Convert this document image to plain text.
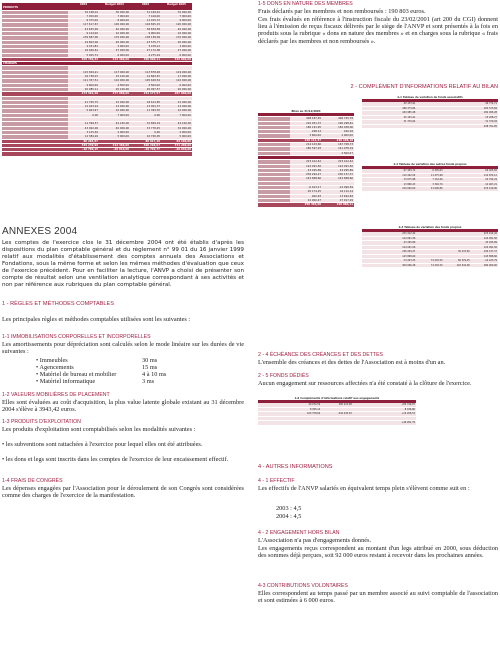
	2004	Budget 2004	2003	Budget 2005
PRODUITS				
	32 168,01	30 000,00	31 169,91	32 000,00
	7 450,00	7 000,00	7 416,00	7 000,00
	9 375,00	8 460,00	11 015,72	9 000,00
	117 617,67	100 000,00	104 825,15	120 000,00
	43 635,99	40 000,00	38 659,58	40 000,00
	9 144,00	10 000,00	9 900,00	10 000,00
	139 687,00	170 000,00	138 138,09	170 000,00
	19 803,00	20 000,00	23 575,77	20 000,00
	4 431,82	3 000,00	3 478,12	3 000,00
	16 940,61	27 000,00	27 172,08	27 000,00
	5 025,72	6 000,00	4 275,29	6 000,00
	405 760,42	413 460,00	399 890,11	432 000,00
CHARGES				

	115 829,21	117 000,00	113 878,48	119 000,00
	16 738,07	15 100,00	14 863,67	17 000,00
	111 357,51	110 000,00	105 628,54	110 000,00
	9 600,00	4 500,00	4 500,00	6 000,00
	20 085,11	20 100,00	20 097,57	20 000,00
	273 591,48	277 960,00	254 177,57	287 000,00

	21 765,75	15 000,00	18 613,85	15 000,00
	12 023,24	13 000,00	13 001,37	13 000,00
	5 463,97	10 000,00	11 393,35	10 000,00
	0,00	7 000,00	0,00	7 000,00

	12 399,57	42 100,00	32 809,19	42 100,00
	43 002,00	40 000,00	33 778,25	32 000,00
	3 125,36	2 000,00	0,00	2 000,00
	12 384,26	5 000,00	10 700,05	5 000,00
	86 284,67		80 917,19	84 100,00
	345 239,99	413 460,00	400 296,07	371 200,00
	-10 790,15	-20 010,00	-10 702,77	-20 040,00

ANNEXES 2004

Les comptes de l'exercice clos le 31 décembre 2004 ont été établis d'après les dispositions du plan comptable général et du règlement n° 99 01 du 16 janvier 1999 relatif aux modalités d'établissement des comptes annuels des Associations et Fondations, sous la même forme et selon les mêmes méthodes d'évaluation que ceux de l'exercice précédent. Pour en faciliter la lecture, l'ANVP a choisi de présenter son compte de résultat selon une ventilation analytique correspondant à ses activités et non par référence aux rubriques du plan comptable général.

1 - RÈGLES ET MÉTHODES COMPTABLES

Les principales règles et méthodes comptables utilisées sont les suivantes :

1-1 IMMOBILISATIONS CORPORELLES ET INCORPORELLES

Les amortissements pour dépréciation sont calculés selon le mode linéaire sur les durées de vie suivantes :

• Immeubles	30 ms
• Agencements	15 ms
• Matériel de bureau et mobilier	4 à 10 ms
• Matériel informatique	3 ms
1-2 VALEURS MOBILIÈRES DE PLACEMENT

Elles sont évaluées au coût d'acquisition, la plus value latente globale existant au 31 décembre 2004 s'élève à 3943,42 euros.

1-3 PRODUITS D'EXPLOITATION

Les produits d'exploitation sont comptabilisés selon les modalités suivantes :

• les subventions sont rattachées à l'exercice pour lequel elles ont été attribuées.

• les dons et legs sont inscrits dans les comptes de l'exercice de leur encaissement effectif.

1-4 FRAIS DE CONGRÈS

Les dépenses engagées par l'Association pour le déroulement de son Congrès sont considérées comme des charges de l'exercice de la manifestation.

1-5 DONS EN NATURE DES MEMBRES

Frais déclarés par les membres et non remboursés : 190 803 euros.

Ces frais évalués en référence à l'instruction fiscale du 23/02/2001 (art 200 du CGI) donnent lieu à l'émission de reçus fiscaux délivrés par le siège de l'ANVP et sont présentés à la fois en produits sous la rubrique « dons en nature des membres » et en charges sous la rubrique « frais déclarés par les membres et non remboursés ».

2 - COMPLÉMENT D'INFORMATIONS RELATIF AU BILAN
Bilan au 31/12/2004

	408 187,25	406 745,78
	210 931,37	190 298,61
	180 191,95	182 038,00
	298,13	420,03
	3 600,00	2 000,00
	210 111,47	210 106,18
	214 103,60	167 708,73
	180 597,03	141 978,19
		2 500,57

	223 412,42	223 412,42
	124 091,56	124 091,56
	43 295,89	43 295,89
	236 294,27	230 137,37
	143 898,60	143 898,60

	-6 913,17	-14 090,59
	20 174,25	16 112,14
	902,93	13 694,83
	22 902,47	27 917,29
	250 303,90	220 080,11
2-1 Tableau de variation de fonds associatifs

	40 153,91			40 774,71
	188 373,84			183 573,84
	184 985,28			182 995,28
	25 193,41			15 208,27
	31 370,04			31 370,04
				438 761,85
2-2 Tableau de variation des autres fonds propres

	67 459,72	6 305,63		69 025,82
	110 262,54	11 475,98		110 872,12
	13 675,98	7 116,26		20 792,24
	13 860,23	3 340,79		14 467,21
	210 000,00	21 690,86		215 120,00
2-3 Tableau de variation des fonds propres

	223 412,42			223 412,42
	124 091,56			124 091,56
	43 295,89			43 295,89
	124 091,56			124 091,56
	236 294,27		36 233,65	230 137,37
	143 898,60			143 898,60
	-74 203,25	74 203,25	66 329,25	-14 223,79
	309 066,28	74 203,25	102 542,90	280 000,00
2 - 4 ÉCHÉANCE DES CRÉANCES ET DES DETTES

L'ensemble des créances et des dettes de l'Association est à moins d'un an.

2 - 5 FONDS DÉDIÉS

Aucun engagement sur ressources affectées n'a été constaté à la clôture de l'exercice.

2-6 Compléments d'informations relatif aux engagements

	49 074,50	300 223,98		+80 749,87
	8 455,12			8 436,80
	165 378,60	-344 445,93		+19 206,53

				+46 281,79
4 - AUTRES INFORMATIONS
4 - 1 EFFECTIF

Les effectifs de l'ANVP salariés en équivalent temps plein s'élèvent comme suit en :

2003 : 4,5

2004 : 4,5

4 - 2 ENGAGEMENT HORS BILAN

L'Association n'a pas d'engagements donnés.

Les engagements reçus correspondent au montant d'un legs attribué en 2000, sous déduction des sommes déjà perçues, soit 92 000 euros restant à recevoir dans les prochaines années.

4-3 CONTRIBUTIONS VOLONTAIRES

Elles correspondent au temps passé par un membre associé au suivi comptable de l'association et sont estimées à 6 000 euros.
